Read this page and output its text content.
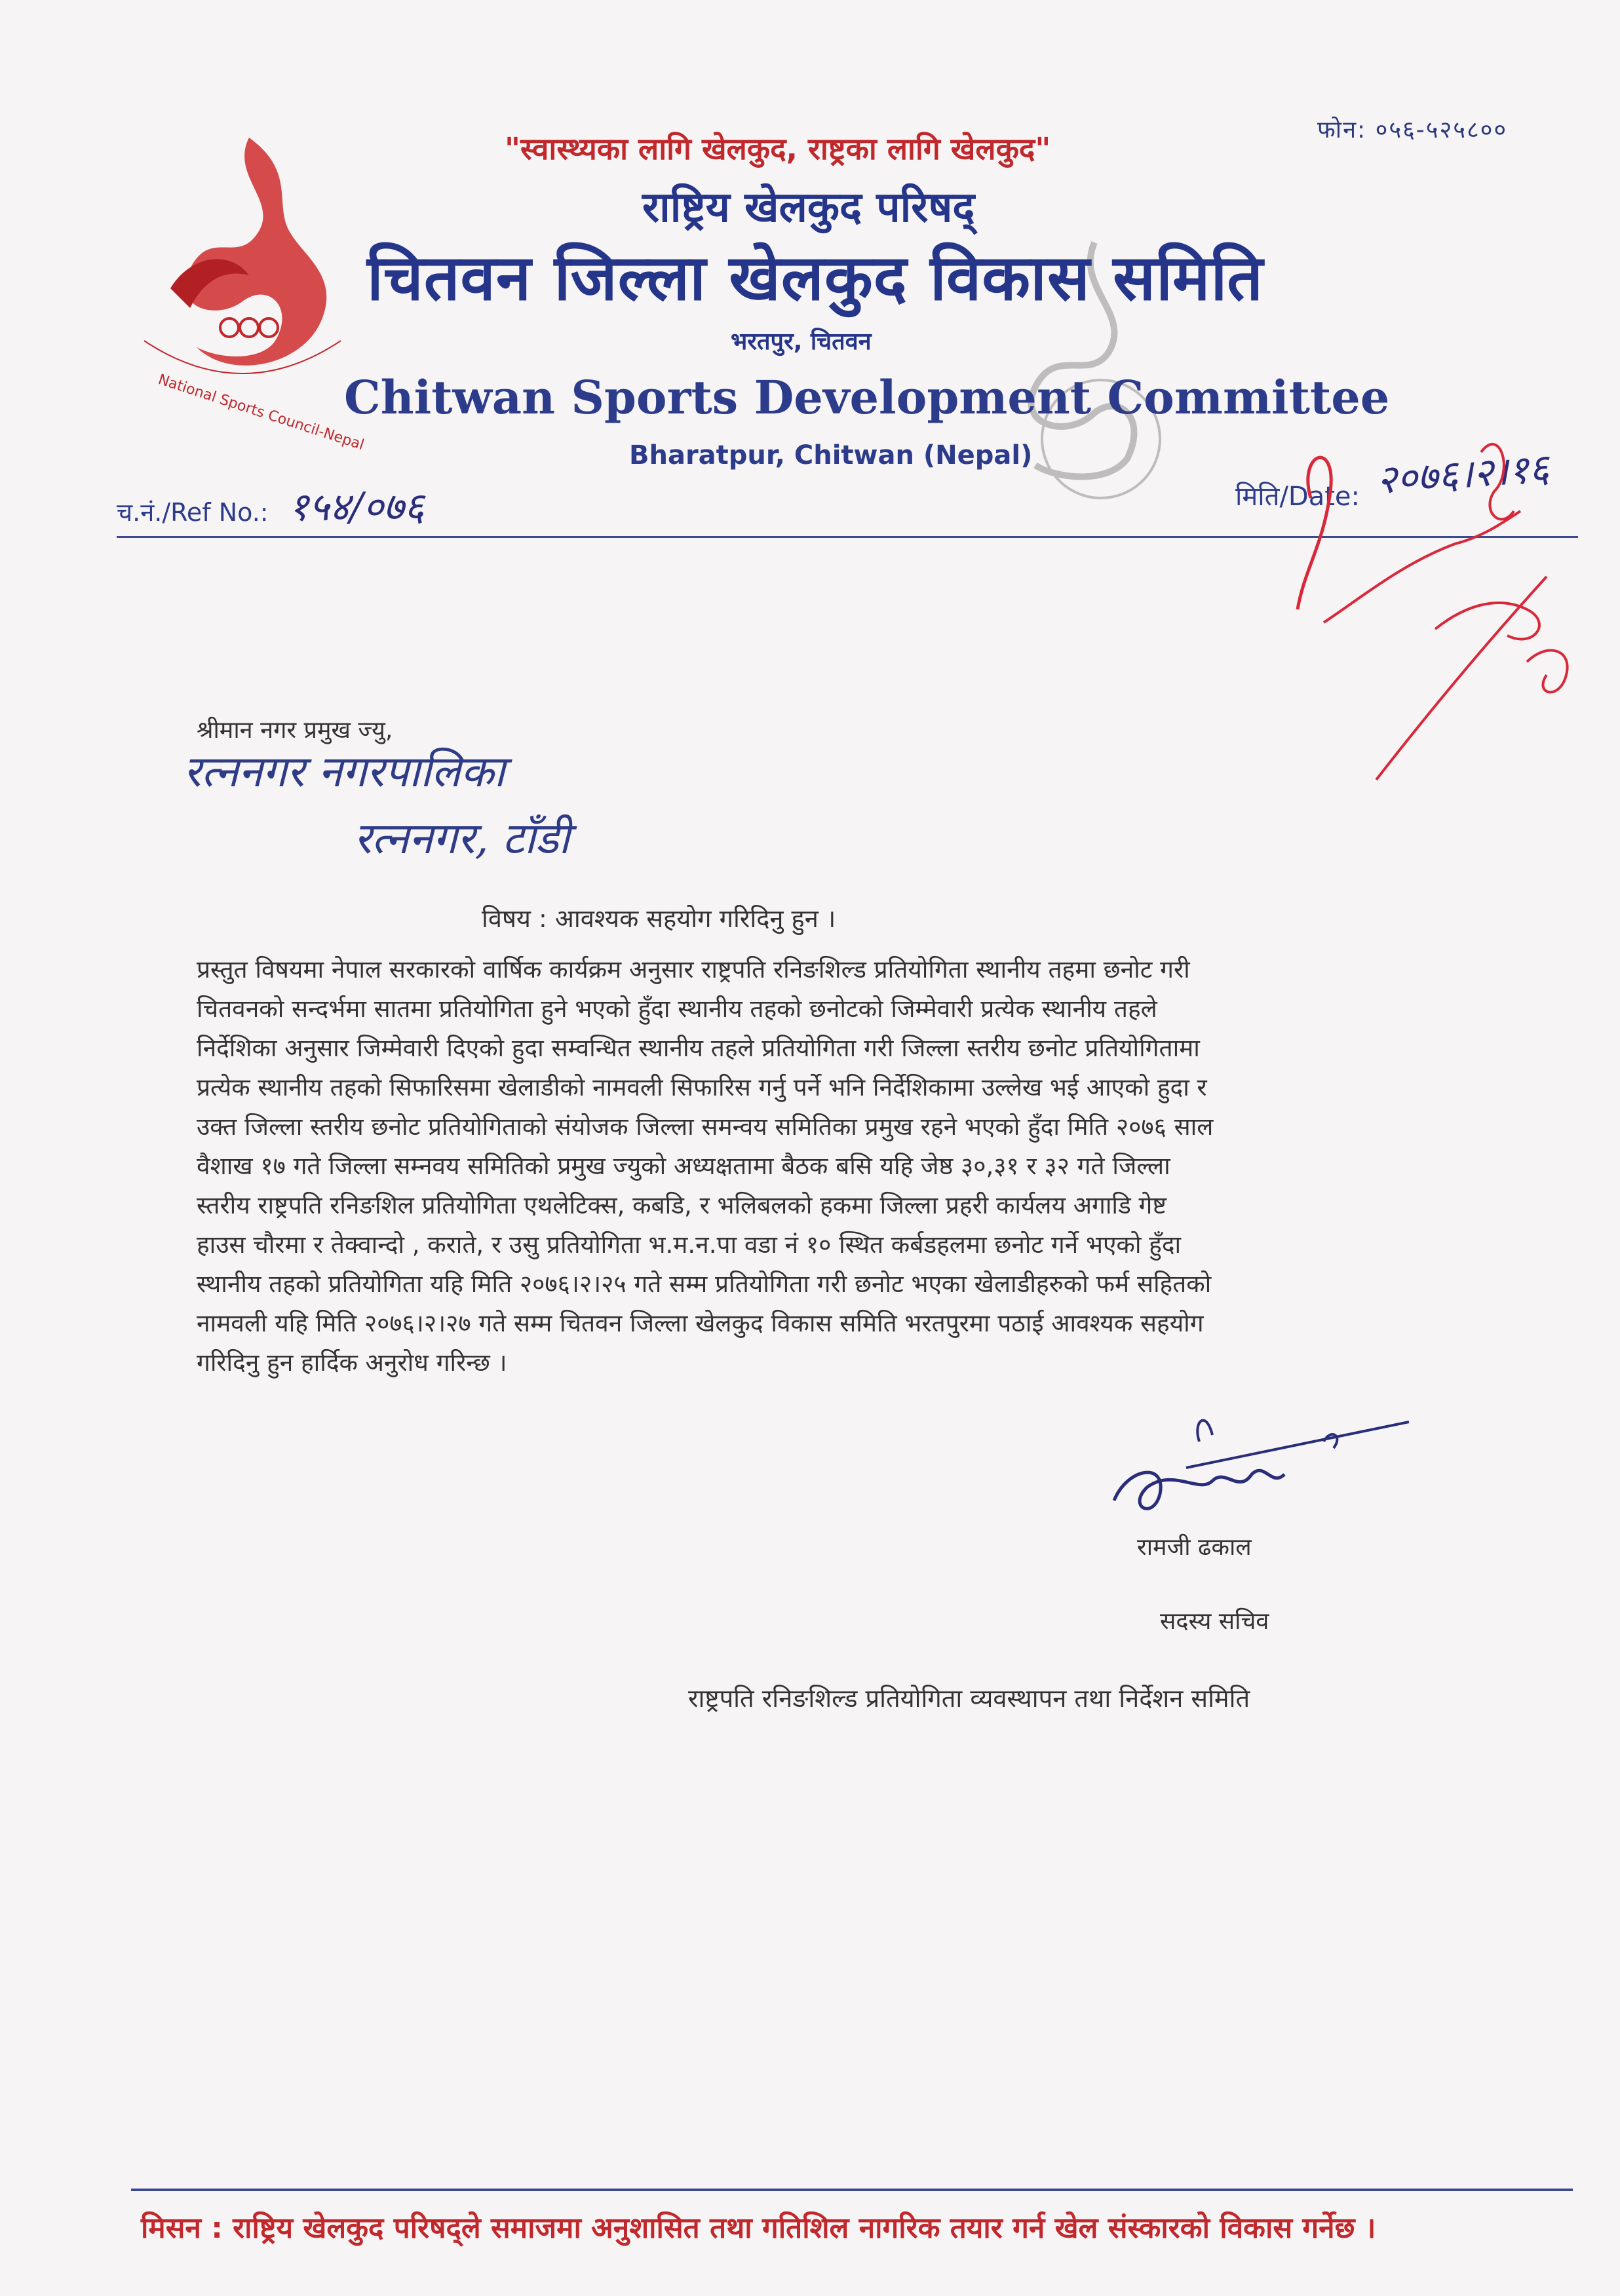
National Sports Council-Nepal
फोन: ०५६-५२५८००
"स्वास्थ्यका लागि खेलकुद, राष्ट्रका लागि खेलकुद"
राष्ट्रिय खेलकुद परिषद्
चितवन जिल्ला खेलकुद विकास समिति
भरतपुर, चितवन
Chitwan Sports Development Committee
Bharatpur, Chitwan (Nepal)
च.नं./Ref No.: १५४/०७६	मिति/Date: २०७६।२।१६
श्रीमान नगर प्रमुख ज्यु,
रत्ननगर नगरपालिका
रत्ननगर, टाँडी
विषय : आवश्यक सहयोग गरिदिनु हुन ।
प्रस्तुत विषयमा नेपाल सरकारको वार्षिक कार्यक्रम अनुसार राष्ट्रपति रनिङशिल्ड प्रतियोगिता स्थानीय तहमा छनोट गरी
चितवनको सन्दर्भमा सातमा प्रतियोगिता हुने भएको हुँदा स्थानीय तहको छनोटको जिम्मेवारी प्रत्येक स्थानीय तहले
निर्देशिका अनुसार जिम्मेवारी दिएको हुदा सम्वन्धित स्थानीय तहले प्रतियोगिता गरी जिल्ला स्तरीय छनोट प्रतियोगितामा
प्रत्येक स्थानीय तहको सिफारिसमा खेलाडीको नामवली सिफारिस गर्नु पर्ने भनि निर्देशिकामा उल्लेख भई आएको हुदा र
उक्त जिल्ला स्तरीय छनोट प्रतियोगिताको संयोजक जिल्ला समन्वय समितिका प्रमुख रहने भएको हुँदा मिति २०७६ साल
वैशाख १७ गते जिल्ला सम्नवय समितिको प्रमुख ज्युको अध्यक्षतामा बैठक बसि यहि जेष्ठ ३०,३१ र ३२ गते जिल्ला
स्तरीय राष्ट्रपति रनिङशिल प्रतियोगिता एथलेटिक्स, कबडि, र भलिबलको हकमा जिल्ला प्रहरी कार्यलय अगाडि गेष्ट
हाउस चौरमा र तेक्वान्दो , कराते, र उसु प्रतियोगिता भ.म.न.पा वडा नं १० स्थित कर्बडहलमा छनोट गर्ने भएको हुँदा
स्थानीय तहको प्रतियोगिता यहि मिति २०७६।२।२५ गते सम्म प्रतियोगिता गरी छनोट भएका खेलाडीहरुको फर्म सहितको
नामवली यहि मिति २०७६।२।२७ गते सम्म चितवन जिल्ला खेलकुद विकास समिति भरतपुरमा पठाई आवश्यक सहयोग
गरिदिनु हुन हार्दिक अनुरोध गरिन्छ ।
रामजी ढकाल
सदस्य सचिव
राष्ट्रपति रनिङशिल्ड प्रतियोगिता व्यवस्थापन तथा निर्देशन समिति
मिसन : राष्ट्रिय खेलकुद परिषद्ले समाजमा अनुशासित तथा गतिशिल नागरिक तयार गर्न खेल संस्कारको विकास गर्नेछ ।
